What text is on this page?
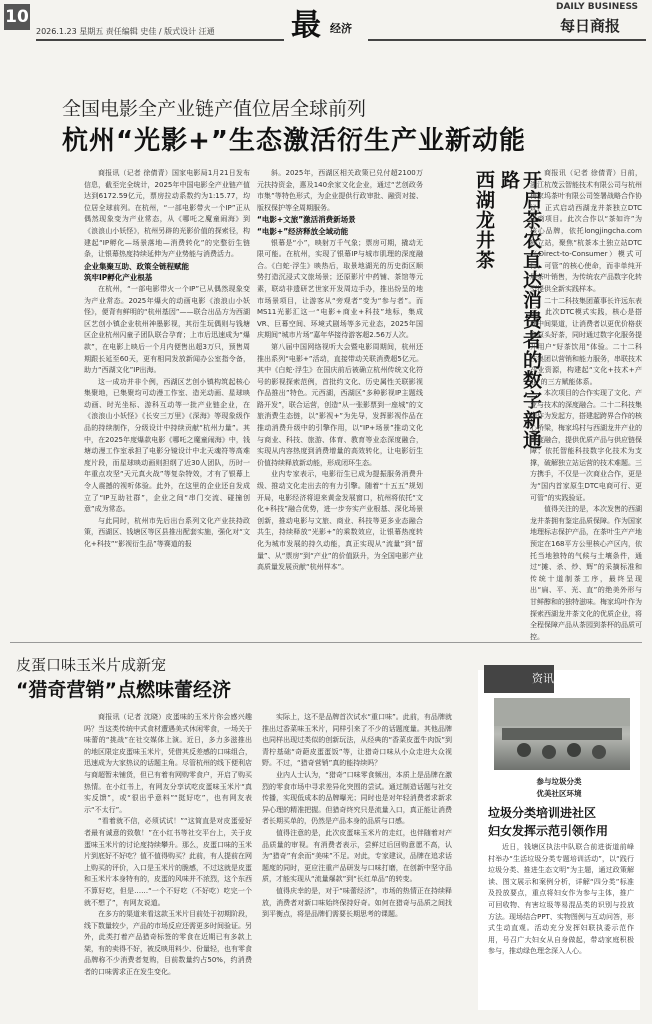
10
2026.1.23 星期五 责任编辑 史佳 / 版式设计 汪通	最 经济
DAILY BUSINESS
每日商报
全国电影全产业链产值位居全球前列
杭州“光影+”生态激活衍生产业新动能

商报讯（记者 徐倩青）国家电影局1月21日发布信息，截至完全统计，2025年中国电影全产业链产值达到6172.59亿元，票房拉动系数约为1:15.77，均位居全球前列。在杭州，“一部电影带火一个IP”正从偶然现象变为产业常态，从《哪吒之魔童闹海》到《浪浪山小妖怪》，杭州另辟的光影价值的探索径，构建起“IP孵化—场景落地—消费转化”的完整衍生链条，让银幕热度持续延伸为产业势能与消费活力。

企业集聚互助、政策全链程赋能

筑牢IP孵化产业根基

在杭州，“一部电影带火一个IP”已从偶然现象变为产业常态。2025年爆火的动画电影《浪浪山小妖怪》，便背有鲜明的“杭州基因”——联合出品方为西湖区艺创小镇企业杭州神墨影视，其衍生玩偶则与钱塘区企业杭州闪童子团队联合孕育；上市后迅速成为“爆款”，在电影上映后一个月内便售出超3万只，预售周期跟长延至60天，更有相同发放新闻办公室指令备，助力“西湖文化”IP出海。

这一成功并非个例，西湖区艺创小镇构筑起核心集聚地，已集聚均可动漫工作室、造光动画、星球映动画、时光坐标、游科互动等一批产业链企业，在《浪浪山小妖怪》《长安三万里》《深海》等现象级作品的持续制作，分级设计中持续贡献“杭州力量”。其中，在2025年度爆款电影《哪吒之魔童闹海》中，钱塘动漫工作室承担了电影分镜设计中北天魂符等高难度片段，而星球映动画则担纲了近30人团队，历时一年重点攻坚“天元真火战”等复杂特效，才有了银幕上令人震撼的视听体验。此外，在这里的企业还自发成立了“IP互助社群”，企业之间“串门交流、碰撞创意”成为常态。

与此同时，杭州市先后出台系列文化产业扶持政策，西湖区、钱塘区等区县推出配套实施，强化对“文化+科技”“影视衍生品”等赛道的报

斜。2025年，西湖区相关政策已兑付超2100万元扶持资金，惠及140余家文化企业，通过“艺创政务市集”等特色形式，为企业提供行政审批、融资对接、版权保护等全周期服务。

“电影+文旅”激活消费新场景

“电影+”经济释放全域动能

银幕是“小”，映射万千气象；票房可期，撬动无限可能。在杭州，实现了银幕IP与城市肌理的深度融合。《白蛇·浮生》映热后，取景地湖光的历史街区顺势打造沉浸式文旅场景；还原影片中药铺、茶馆等元素，联动非遗研艺世家开发周边手办，推出纷呈的地市场景项目，让游客从“旁观者”变为“参与者”。而MS11光影汇这一“电影+商业+科技”地标，集成VR、巨幕空间、环境式剧场等多元业态，2025年国庆期间“城市片场”嘉年华接待游客超2.56万人次。

第八届中国网络视听大会暨电影周期间，杭州还推出系列“电影+”活动，直接带动关联消费超5亿元。其中《白蛇·浮生》在国庆前后被确立杭州传统文化符号的影视探索范例，首批约文化、历史属性关联影视作品推出”特色。元西湖，西湖区“多种影视IP主题线路开发”，联合运营，创造“从一张影票到一座城”的文旅消费生态链，以“影视+”为先导，发挥影视作品在推动消费升级中的引擎作用，以“IP+场景”推动文化与商业、科技、旅游、体育、教育等业态深度融合，实现从内容热度到消费增量的高效转化，让电影衍生价值持续释放新动能，形成闭环生态。

业内专家表示，电影衍生已成为提振服务消费升级、推动文化走出去的有力引擎。随着“十五五”规划开局，电影经济将迎来黄金发展窗口，杭州将依托“文化+科技”融合优势，进一步夯实产业根基、深化场景创新，推动电影与文旅、商业、科技等更多业态融合共生，持续释放“光影+”的乘数效应，让银幕热度转化为城市发展的持久动能，真正实现从“流量”到“留量”、从“票房”到“产业”的价值跃升，为全国电影产业高质量发展贡献“杭州样本”。

开启茶农直达消费者的数字新通路
西湖龙井茶	商报讯（记者 徐倩青）日前，浙江杭茂云智能技术有限公司与杭州梅家坞茶叶有限公司签署战略合作协议，正式启动西湖龙井茶独立DTC电商项目。此次合作以“茶如许”为核心品牌，依托longjingcha.com独立站，聚焦“杭茶本土独立站DTC（Direct-to-Consumer）模式可行、可管”的核心使命，而非单纯开展茶叶销售，为传统农产品数字化转型提供全新实践样本。

二十二科技集团董事长许远东表示，此次DTC模式实践，核心是搭建中间渠道，让消费者以更优价格获取原头好茶，同时通过数字化服务提升用户“好茶饮用”体验。二十二科技集团以营销和能力服务，串联技术产业资源，构建起“文化+技术+产业”的三方赋能体系。

本次项目的合作实现了文化、产业与技术的深度融合。二十二科技集团作为发起方，搭建起跨界合作的核心桥梁，梅家坞村与西湖龙井产业的深度融合，提供优质产品与供应链保障；依托智能科技数字化技术为支撑，破解独立站运营的技术难题。三方携手，不仅是一次商业合作，更是为“国内首家原生DTC电商可行、更可管”的实践验证。

值得关注的是，本次发售的西湖龙井茶拥有鉴定品质保障。作为国家地理标志保护产品，在茶叶生产产地预定在168平方公里核心产区内，依托当地独特的气候与土壤条件，通过“摊、杀、炒、辉”的采摘标准和传统十道制茶工序，最终呈现出“扁、平、光、直”的绝美外形与甘鲜醇和的独特滋味。梅家坞叶作为探索西湖龙井茶文化的优质企业，将全程保障产品从茶园到茶杯的品质可控。

皮蛋口味玉米片成新宠
“猎奇营销”点燃味蕾经济

商报讯（记者 沈晓）皮蛋味的玉米片你会感兴趣吗？当这类传统中式食材遭遇美式休闲零食，一场关于味蕾的“挑战”在社交媒体上演。近日，多力多滋推出的地区限定皮蛋味玉米片，凭借其反差感的口味组合，迅速成为大家热议的话题主角。尽管杭州的线下便利店与商超暂未铺货，但已有着有网购零食户，开启了购买热情。在小红书上，有网友分享试吃皮蛋味玉米片“真实反馈”，或“很出乎意料”“挺好吃”，也有网友表示“不太行”。

“看着就不信，必须试试！”“这简直是对皮蛋爱好者最有诚意的致敬！”在小红书等社交平台上，关于皮蛋味玉米片的讨论度持续攀升。那么，皮蛋口味的玉米片到底好不好吃？值不值得购买？此前，有人提前在网上购买的评价，入口是玉米片的脆感，不过这就是皮蛋和玉米片本身特有的，皮蛋的风味并不浓烈，这个东西不算好吃，但是……“一个不好吃（不好吃）吃完一个就不想了”，有网友说道。

在多方的渠道来看这款玉米片目前处于初期阶段，线下数量较少，产品的市场反应还需更多时间验证。另外，此类打着产品猎奇标签的零食在近期已有多款上架，有的卖得不好，被反映用料少、份量轻，也有零食品牌称不少消费者复购，目前数量约占50%，约消费者的口味需求正在发生变化。

实际上，这不是品牌首次试水“重口味”。此前，有品牌就推出过香菜味玉米片，同样引来了不少的话题度量。其他品牌也同样出现过类似的创新玩法，从经典的“香菜皮蛋牛肉饭”到青柠基础“奇葩皮蛋蛋饭”等，让猎奇口味从小众走进大众视野。不过，“猎奇营销”真的能持续吗？

业内人士认为，“猎奇”口味零食频出，本质上是品牌在激烈的零食市场中寻求差异化突围的尝试。通过制造话题与社交传播，实现低成本的品牌曝光；同时也是对年轻消费者求新求异心理的精准把握。但猎奇终究只是流量入口，真正能让消费者长期买单的，仍然是产品本身的品质与口感。

值得注意的是，此次皮蛋味玉米片的走红，也伴随着对产品质量的审视。有消费者表示，尝鲜过后回购意愿不高，认为“猎奇”有余而“美味”不足。对此，专家建议，品牌在追求话题度的同时，更应注重产品研发与口味打磨，在创新中坚守品质，才能实现从“流量爆款”到“长红单品”的转变。

值得庆幸的是，对于“味蕾经济”，市场的热情正在持续释放，消费者对新口味始终保持好奇。如何在猎奇与品质之间找到平衡点，将是品牌们需要长期思考的课题。

资讯
参与垃圾分类
优美社区环境
垃圾分类培训进社区
妇女发挥示范引领作用

近日，钱塘区执法中队联合前进街道前峰村举办“生活垃圾分类专题培训活动”，以“践行垃圾分类、推进生态文明”为主题，通过政策解读、图文展示和案例分析，详解“四分类”标准及投放要点，重点将妇女作为参与主体，推广可回收物、有害垃圾等易混品类的识别与投放方法。现场结合PPT、实物图例与互动问答，形式生动直观。活动充分发挥妇联执委示范作用，号召广大妇女从自身做起，带动家庭积极参与，推动绿色理念深入人心。
